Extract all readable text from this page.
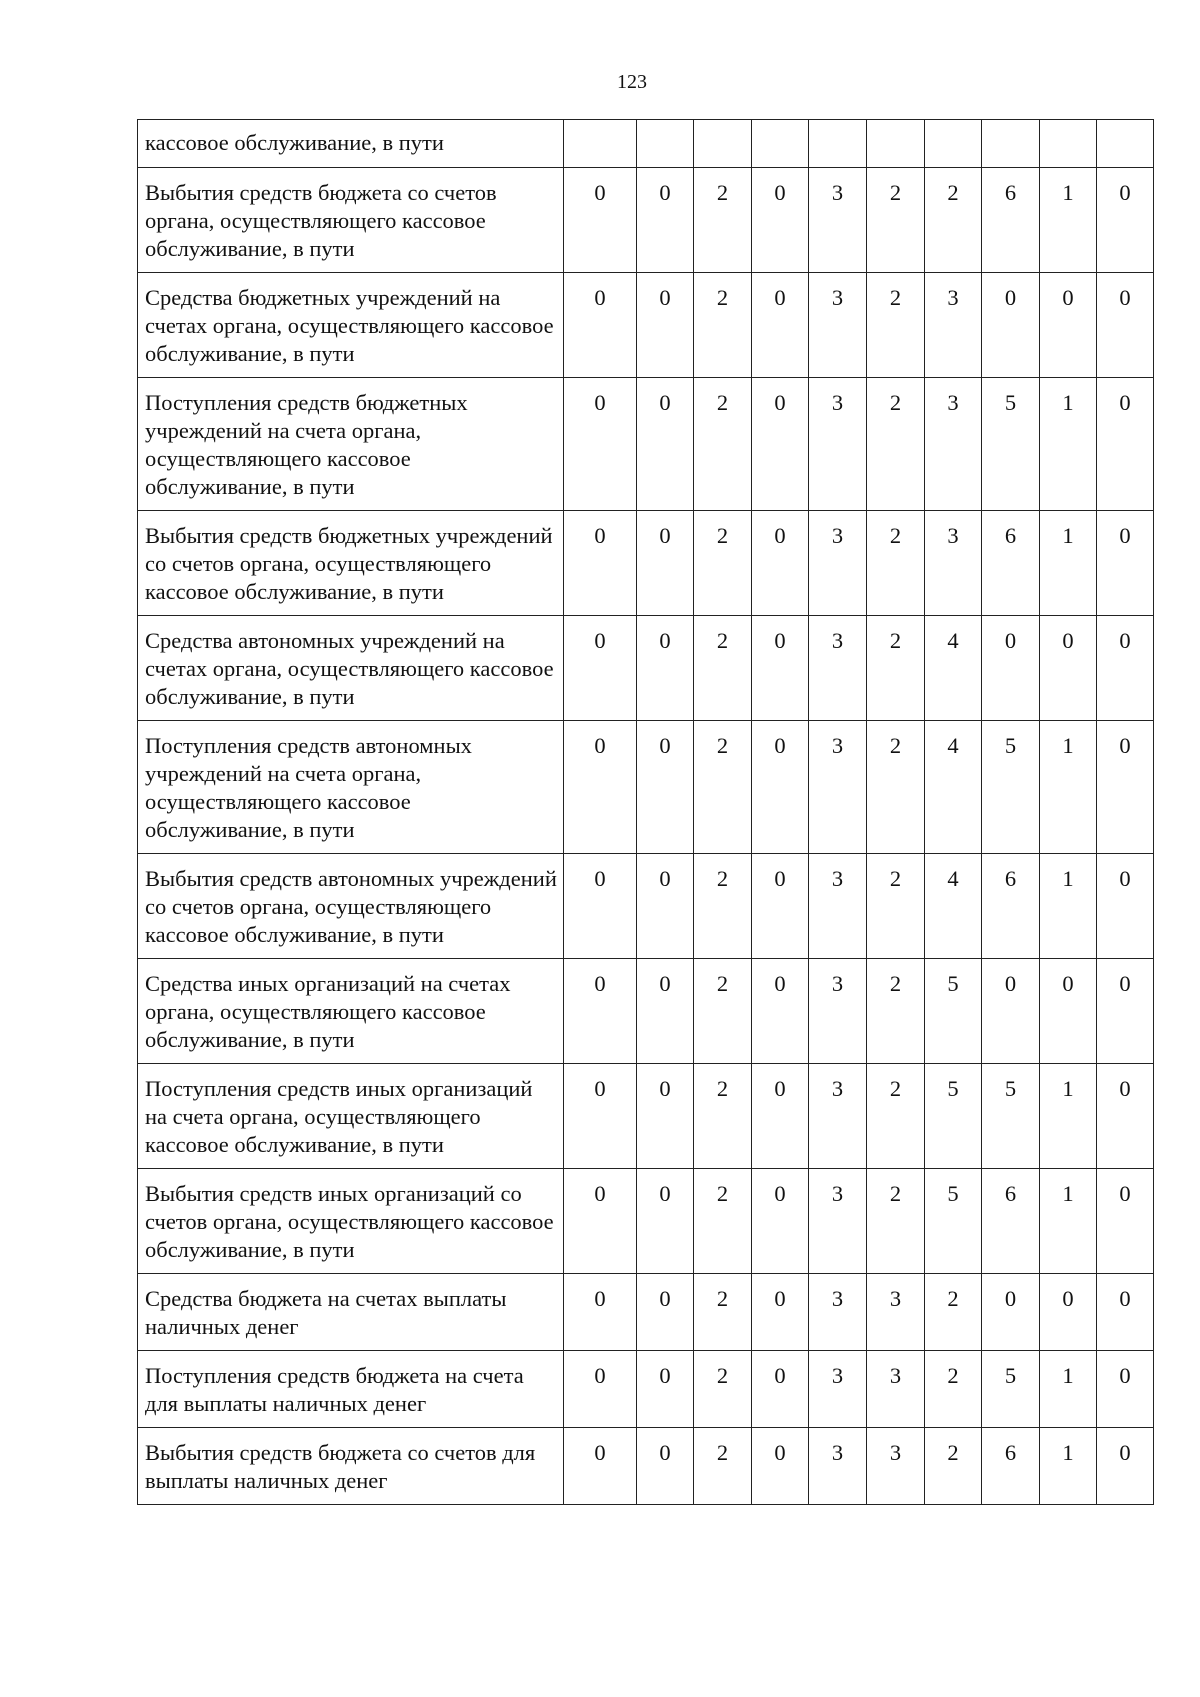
123
кассовое обслуживание, в пути										
Выбытия средств бюджета со счетов органа, осуществляющего кассовое обслуживание, в пути	0	0	2	0	3	2	2	6	1	0
Средства бюджетных учреждений на счетах органа, осуществляющего кассовое обслуживание, в пути	0	0	2	0	3	2	3	0	0	0
Поступления средств бюджетных учреждений на счета органа, осуществляющего кассовое обслуживание, в пути	0	0	2	0	3	2	3	5	1	0
Выбытия средств бюджетных учреждений со счетов органа, осуществляющего кассовое обслуживание, в пути	0	0	2	0	3	2	3	6	1	0
Средства автономных учреждений на счетах органа, осуществляющего кассовое обслуживание, в пути	0	0	2	0	3	2	4	0	0	0
Поступления средств автономных учреждений на счета органа, осуществляющего кассовое обслуживание, в пути	0	0	2	0	3	2	4	5	1	0
Выбытия средств автономных учреждений со счетов органа, осуществляющего кассовое обслуживание, в пути	0	0	2	0	3	2	4	6	1	0
Средства иных организаций на счетах органа, осуществляющего кассовое обслуживание, в пути	0	0	2	0	3	2	5	0	0	0
Поступления средств иных организаций на счета органа, осуществляющего кассовое обслуживание, в пути	0	0	2	0	3	2	5	5	1	0
Выбытия средств иных организаций со счетов органа, осуществляющего кассовое обслуживание, в пути	0	0	2	0	3	2	5	6	1	0
Средства бюджета на счетах выплаты наличных денег	0	0	2	0	3	3	2	0	0	0
Поступления средств бюджета на счета для выплаты наличных денег	0	0	2	0	3	3	2	5	1	0
Выбытия средств бюджета со счетов для выплаты наличных денег	0	0	2	0	3	3	2	6	1	0
